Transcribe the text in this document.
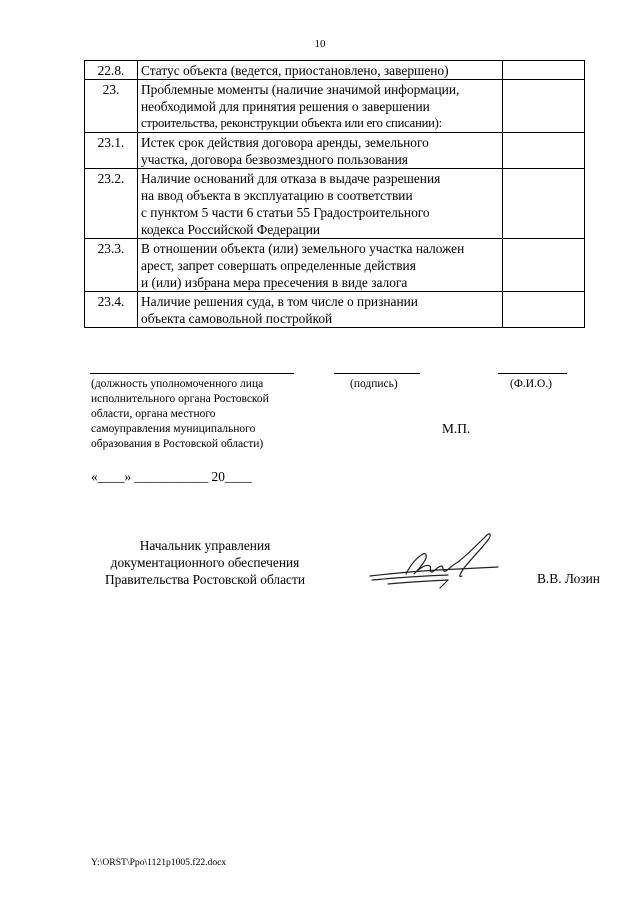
10
22.8.	Статус объекта (ведется, приостановлено, завершено)	

23.	Проблемные моменты (наличие значимой информации,
необходимой для принятия решения о завершении
строительства, реконструкции объекта или его списании):	

23.1.	Истек срок действия договора аренды, земельного
участка, договора безвозмездного пользования	

23.2.	Наличие оснований для отказа в выдаче разрешения
на ввод объекта в эксплуатацию в соответствии
с пунктом 5 части 6 статьи 55 Градостроительного
кодекса Российской Федерации	

23.3.	В отношении объекта (или) земельного участка наложен
арест, запрет совершать определенные действия
и (или) избрана мера пресечения в виде залога	

23.4.	Наличие решения суда, в том числе о признании
объекта самовольной постройкой	

(должность уполномоченного лица
исполнительного органа Ростовской
области, органа местного
самоуправления муниципального
образования в Ростовской области)
(подпись)	(Ф.И.О.)
М.П.
«____» ___________ 20____
Начальник управления
документационного обеспечения
Правительства Ростовской области	В.В. Лозин
Y:\ORST\Ppo\1121p1005.f22.docx
